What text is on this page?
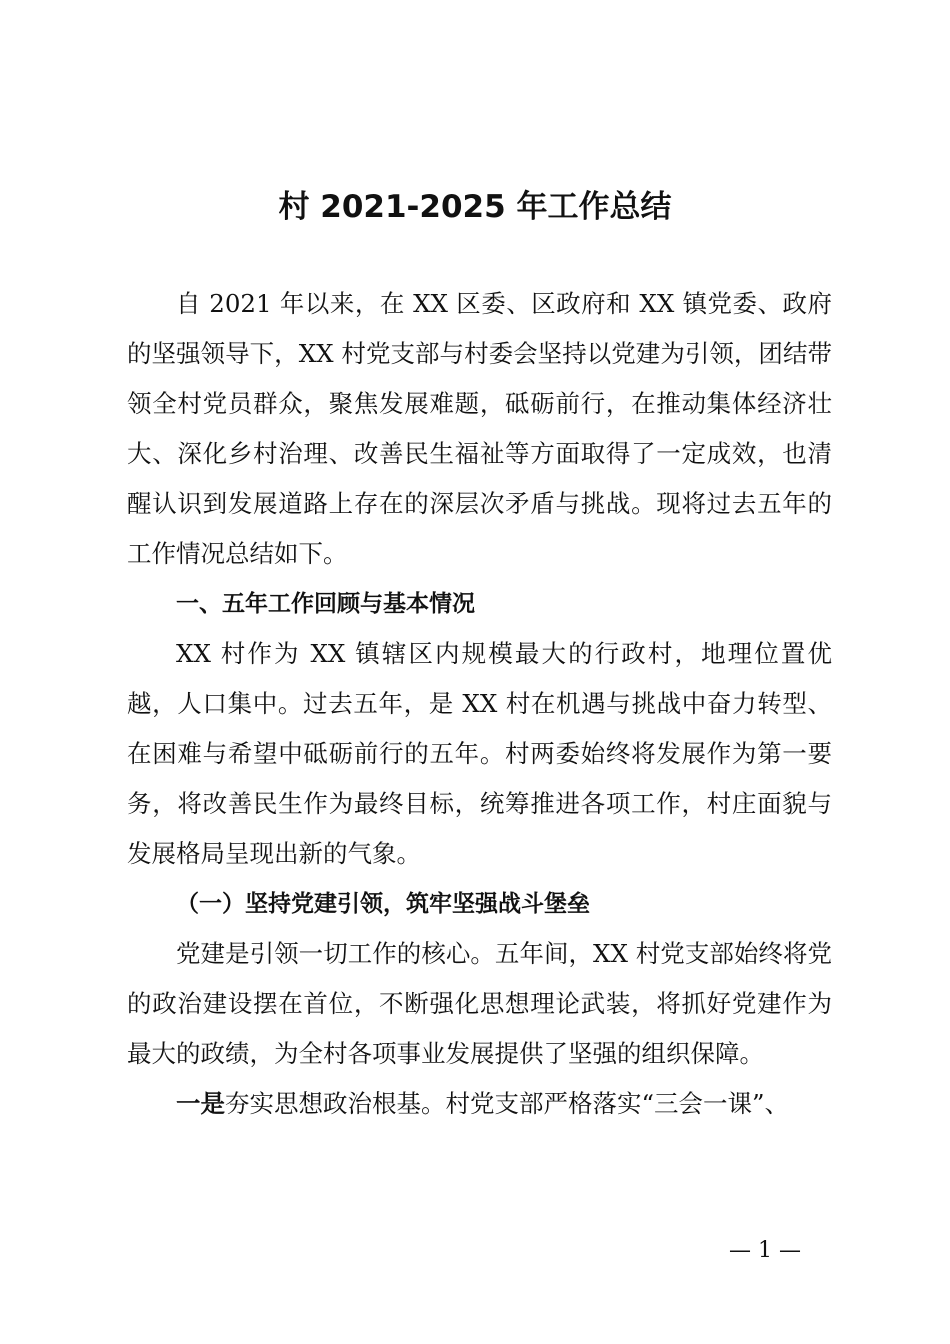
村 2021-2025 年工作总结

自 2021 年以来，在 XX 区委、区政府和 XX 镇党委、政府的坚强领导下，XX 村党支部与村委会坚持以党建为引领，团结带领全村党员群众，聚焦发展难题，砥砺前行，在推动集体经济壮大、深化乡村治理、改善民生福祉等方面取得了一定成效，也清醒认识到发展道路上存在的深层次矛盾与挑战。现将过去五年的工作情况总结如下。

一、五年工作回顾与基本情况

XX 村作为 XX 镇辖区内规模最大的行政村，地理位置优越，人口集中。过去五年，是 XX 村在机遇与挑战中奋力转型、在困难与希望中砥砺前行的五年。村两委始终将发展作为第一要务，将改善民生作为最终目标，统筹推进各项工作，村庄面貌与发展格局呈现出新的气象。

（一）坚持党建引领，筑牢坚强战斗堡垒

党建是引领一切工作的核心。五年间，XX 村党支部始终将党的政治建设摆在首位，不断强化思想理论武装，将抓好党建作为最大的政绩，为全村各项事业发展提供了坚强的组织保障。

一是夯实思想政治根基。村党支部严格落实“三会一课”、

— 1 —
